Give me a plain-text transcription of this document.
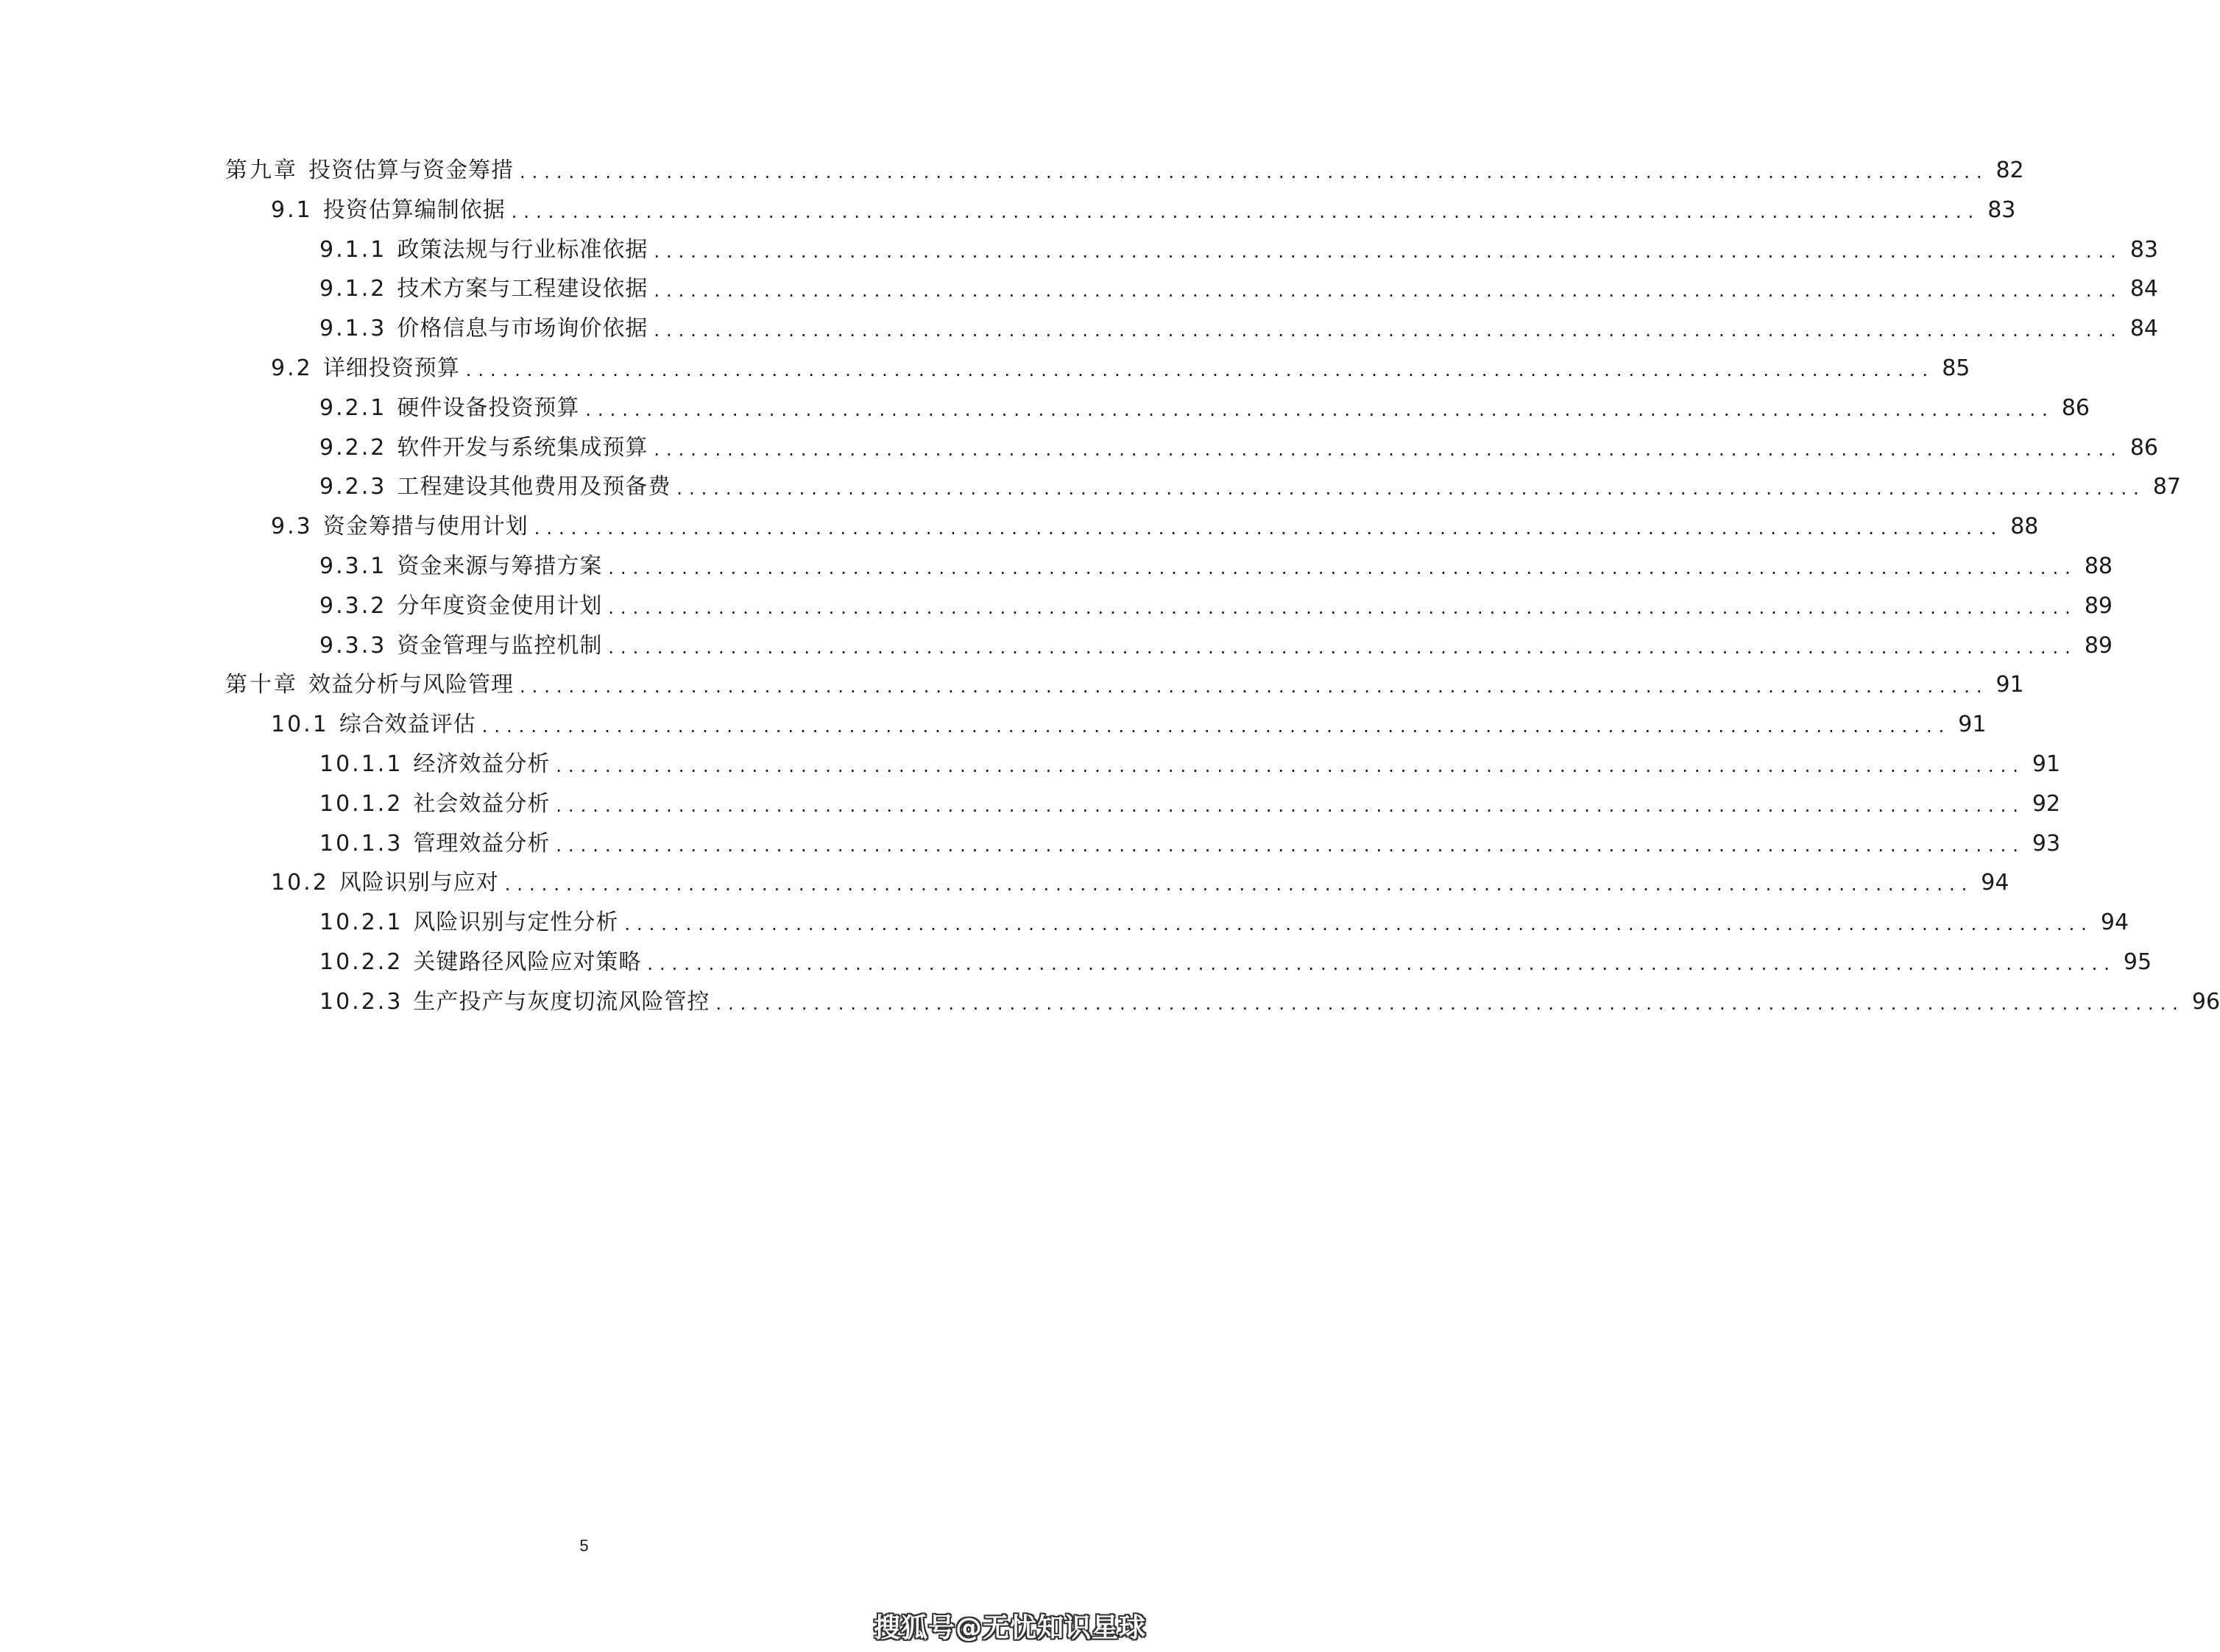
第九章 投资估算与资金筹措 ........................................................................................................................ 82
9.1 投资估算编制依据 ........................................................................................................................ 83
9.1.1 政策法规与行业标准依据 ........................................................................................................................ 83
9.1.2 技术方案与工程建设依据 ........................................................................................................................ 84
9.1.3 价格信息与市场询价依据 ........................................................................................................................ 84
9.2 详细投资预算 ........................................................................................................................ 85
9.2.1 硬件设备投资预算 ........................................................................................................................ 86
9.2.2 软件开发与系统集成预算 ........................................................................................................................ 86
9.2.3 工程建设其他费用及预备费 ........................................................................................................................ 87
9.3 资金筹措与使用计划 ........................................................................................................................ 88
9.3.1 资金来源与筹措方案 ........................................................................................................................ 88
9.3.2 分年度资金使用计划 ........................................................................................................................ 89
9.3.3 资金管理与监控机制 ........................................................................................................................ 89
第十章 效益分析与风险管理 ........................................................................................................................ 91
10.1 综合效益评估 ........................................................................................................................ 91
10.1.1 经济效益分析 ........................................................................................................................ 91
10.1.2 社会效益分析 ........................................................................................................................ 92
10.1.3 管理效益分析 ........................................................................................................................ 93
10.2 风险识别与应对 ........................................................................................................................ 94
10.2.1 风险识别与定性分析 ........................................................................................................................ 94
10.2.2 关键路径风险应对策略 ........................................................................................................................ 95
10.2.3 生产投产与灰度切流风险管控 ........................................................................................................................ 96
5
搜狐号@无忧知识星球
